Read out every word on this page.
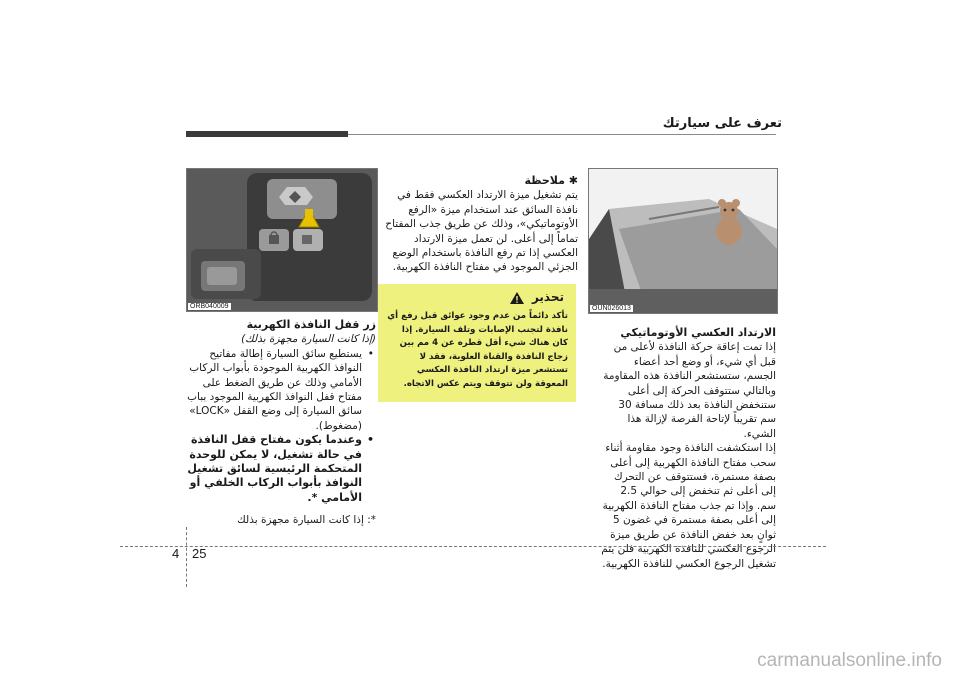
تعرف على سيارتك
ORB040009	OUN026013
الارتداد العكسي الأوتوماتيكي
إذا تمت إعاقة حركة النافذة لأعلى من قبل أي شيء، أو وضع أحد أعضاء الجسم، ستستشعر النافذة هذه المقاومة وبالتالي ستتوقف الحركة إلى أعلى ستنخفض النافذة بعد ذلك مسافة 30 سم تقريباً لإتاحة الفرصة لإزالة هذا الشيء.
إذا استكشفت النافذة وجود مقاومة أثناء سحب مفتاح النافذة الكهربية إلى أعلى بصفة مستمرة، فستتوقف عن التحرك إلى أعلى ثم تنخفض إلى حوالي 2.5 سم. وإذا تم جذب مفتاح النافذة الكهربية إلى أعلى بصفة مستمرة في غضون 5 ثوانٍ بعد خفض النافذة عن طريق ميزة الرجوع العكسي للنافذة الكهربية فلن يتم تشغيل الرجوع العكسي للنافذة الكهربية.
✱ ملاحظة
يتم تشغيل ميزة الارتداد العكسي فقط في نافذة السائق عند استخدام ميزة «الرفع الأوتوماتيكي»، وذلك عن طريق جذب المفتاح تماماً إلى أعلى. لن تعمل ميزة الارتداد العكسي إذا تم رفع النافذة باستخدام الوضع الجزئي الموجود في مفتاح النافذة الكهربية.
تحذير
تأكد دائماً من عدم وجود عوائق قبل رفع أي نافذة لتجنب الإصابات وتلف السيارة. إذا كان هناك شيء أقل قطره عن 4 مم بين زجاج النافذة والقناة العلوية، فقد لا تستشعر ميزة ارتداد النافذة العكسي المعوقة ولن تتوقف ويتم عكس الاتجاه.
زر قفل النافذة الكهربية
(إذا كانت السيارة مجهزة بذلك)
• يستطيع سائق السيارة إطالة مفاتيح النوافذ الكهربية الموجودة بأبواب الركاب الأمامي وذلك عن طريق الضغط على مفتاح قفل النوافذ الكهربية الموجود بباب سائق السيارة إلى وضع القفل «LOCK» (مضغوط).
• وعندما يكون مفتاح قفل النافذة في حالة تشغيل، لا يمكن للوحدة المتحكمة الرئيسية لسائق تشغيل النوافذ بأبواب الركاب الخلفي أو الأمامي *.
*: إذا كانت السيارة مجهزة بذلك
4 25
carmanualsonline.info
